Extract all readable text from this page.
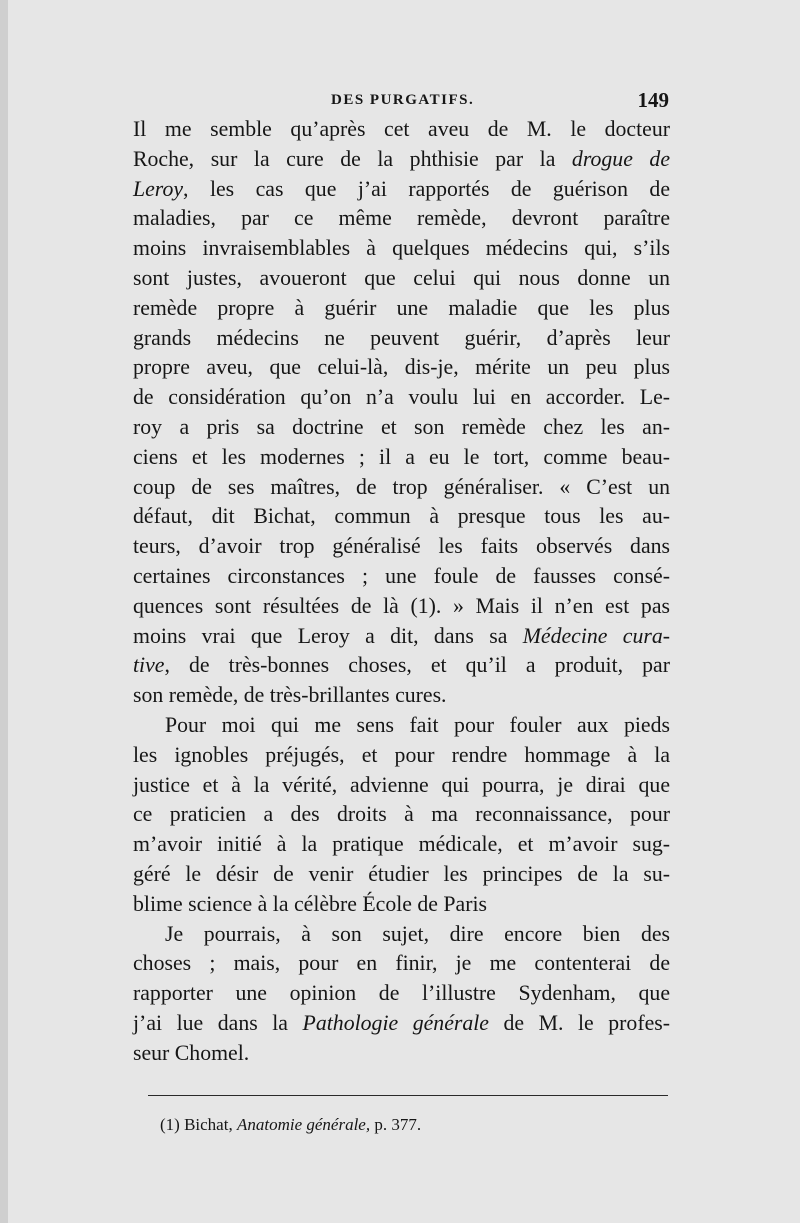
DES PURGATIFS.	149
Il me semble qu’après cet aveu de M. le docteur
Roche, sur la cure de la phthisie par la drogue de
Leroy, les cas que j’ai rapportés de guérison de
maladies, par ce même remède, devront paraître
moins invraisemblables à quelques médecins qui, s’ils
sont justes, avoueront que celui qui nous donne un
remède propre à guérir une maladie que les plus
grands médecins ne peuvent guérir, d’après leur
propre aveu, que celui-là, dis-je, mérite un peu plus
de considération qu’on n’a voulu lui en accorder. Le-
roy a pris sa doctrine et son remède chez les an-
ciens et les modernes ; il a eu le tort, comme beau-
coup de ses maîtres, de trop généraliser. « C’est un
défaut, dit Bichat, commun à presque tous les au-
teurs, d’avoir trop généralisé les faits observés dans
certaines circonstances ; une foule de fausses consé-
quences sont résultées de là (1). » Mais il n’en est pas
moins vrai que Leroy a dit, dans sa Médecine cura-
tive, de très-bonnes choses, et qu’il a produit, par
son remède, de très-brillantes cures.
Pour moi qui me sens fait pour fouler aux pieds
les ignobles préjugés, et pour rendre hommage à la
justice et à la vérité, advienne qui pourra, je dirai que
ce praticien a des droits à ma reconnaissance, pour
m’avoir initié à la pratique médicale, et m’avoir sug-
géré le désir de venir étudier les principes de la su-
blime science à la célèbre École de Paris
Je pourrais, à son sujet, dire encore bien des
choses ; mais, pour en finir, je me contenterai de
rapporter une opinion de l’illustre Sydenham, que
j’ai lue dans la Pathologie générale de M. le profes-
seur Chomel.
(1) Bichat, Anatomie générale, p. 377.
